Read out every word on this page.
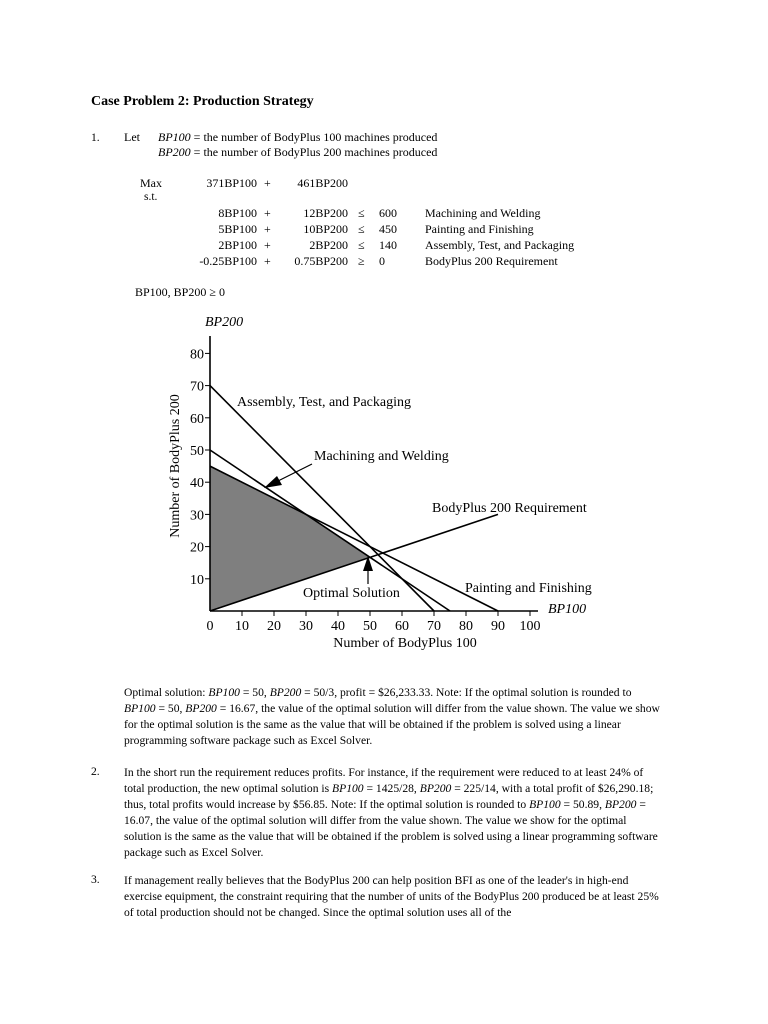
Case Problem 2: Production Strategy
1. Let BP100 = the number of BodyPlus 100 machines produced
BP200 = the number of BodyPlus 200 machines produced
Max
s.t.
371BP100 +	461BP200
8BP100 +	12BP200 ≤ 600 Machining and Welding
5BP100 +	10BP200 ≤ 450 Painting and Finishing
2BP100 +	2BP200 ≤ 140 Assembly, Test, and Packaging
-0.25BP100 +	0.75BP200 ≥ 0	BodyPlus 200 Requirement
BP100, BP200 ≥ 0
0 10 20 30 40 50 60 70 80 90 100
10
20
30
40
50
60
70
80
BP200
BP100
Number of BodyPlus 200
Number of BodyPlus 100
Assembly, Test, and Packaging
Machining and Welding
BodyPlus 200 Requirement
Painting and Finishing
Optimal Solution
Optimal solution: BP100 = 50, BP200 = 50/3, profit = $26,233.33. Note: If the optimal solution is rounded to BP100 = 50, BP200 = 16.67, the value of the optimal solution will differ from the value shown. The value we show for the optimal solution is the same as the value that will be obtained if the problem is solved using a linear programming software package such as Excel Solver.
2. In the short run the requirement reduces profits. For instance, if the requirement were reduced to at least 24% of total production, the new optimal solution is BP100 = 1425/28, BP200 = 225/14, with a total profit of $26,290.18; thus, total profits would increase by $56.85. Note: If the optimal solution is rounded to BP100 = 50.89, BP200 = 16.07, the value of the optimal solution will differ from the value shown. The value we show for the optimal solution is the same as the value that will be obtained if the problem is solved using a linear programming software package such as Excel Solver.
3. If management really believes that the BodyPlus 200 can help position BFI as one of the leader's in high-end exercise equipment, the constraint requiring that the number of units of the BodyPlus 200 produced be at least 25% of total production should not be changed. Since the optimal solution uses all of the
